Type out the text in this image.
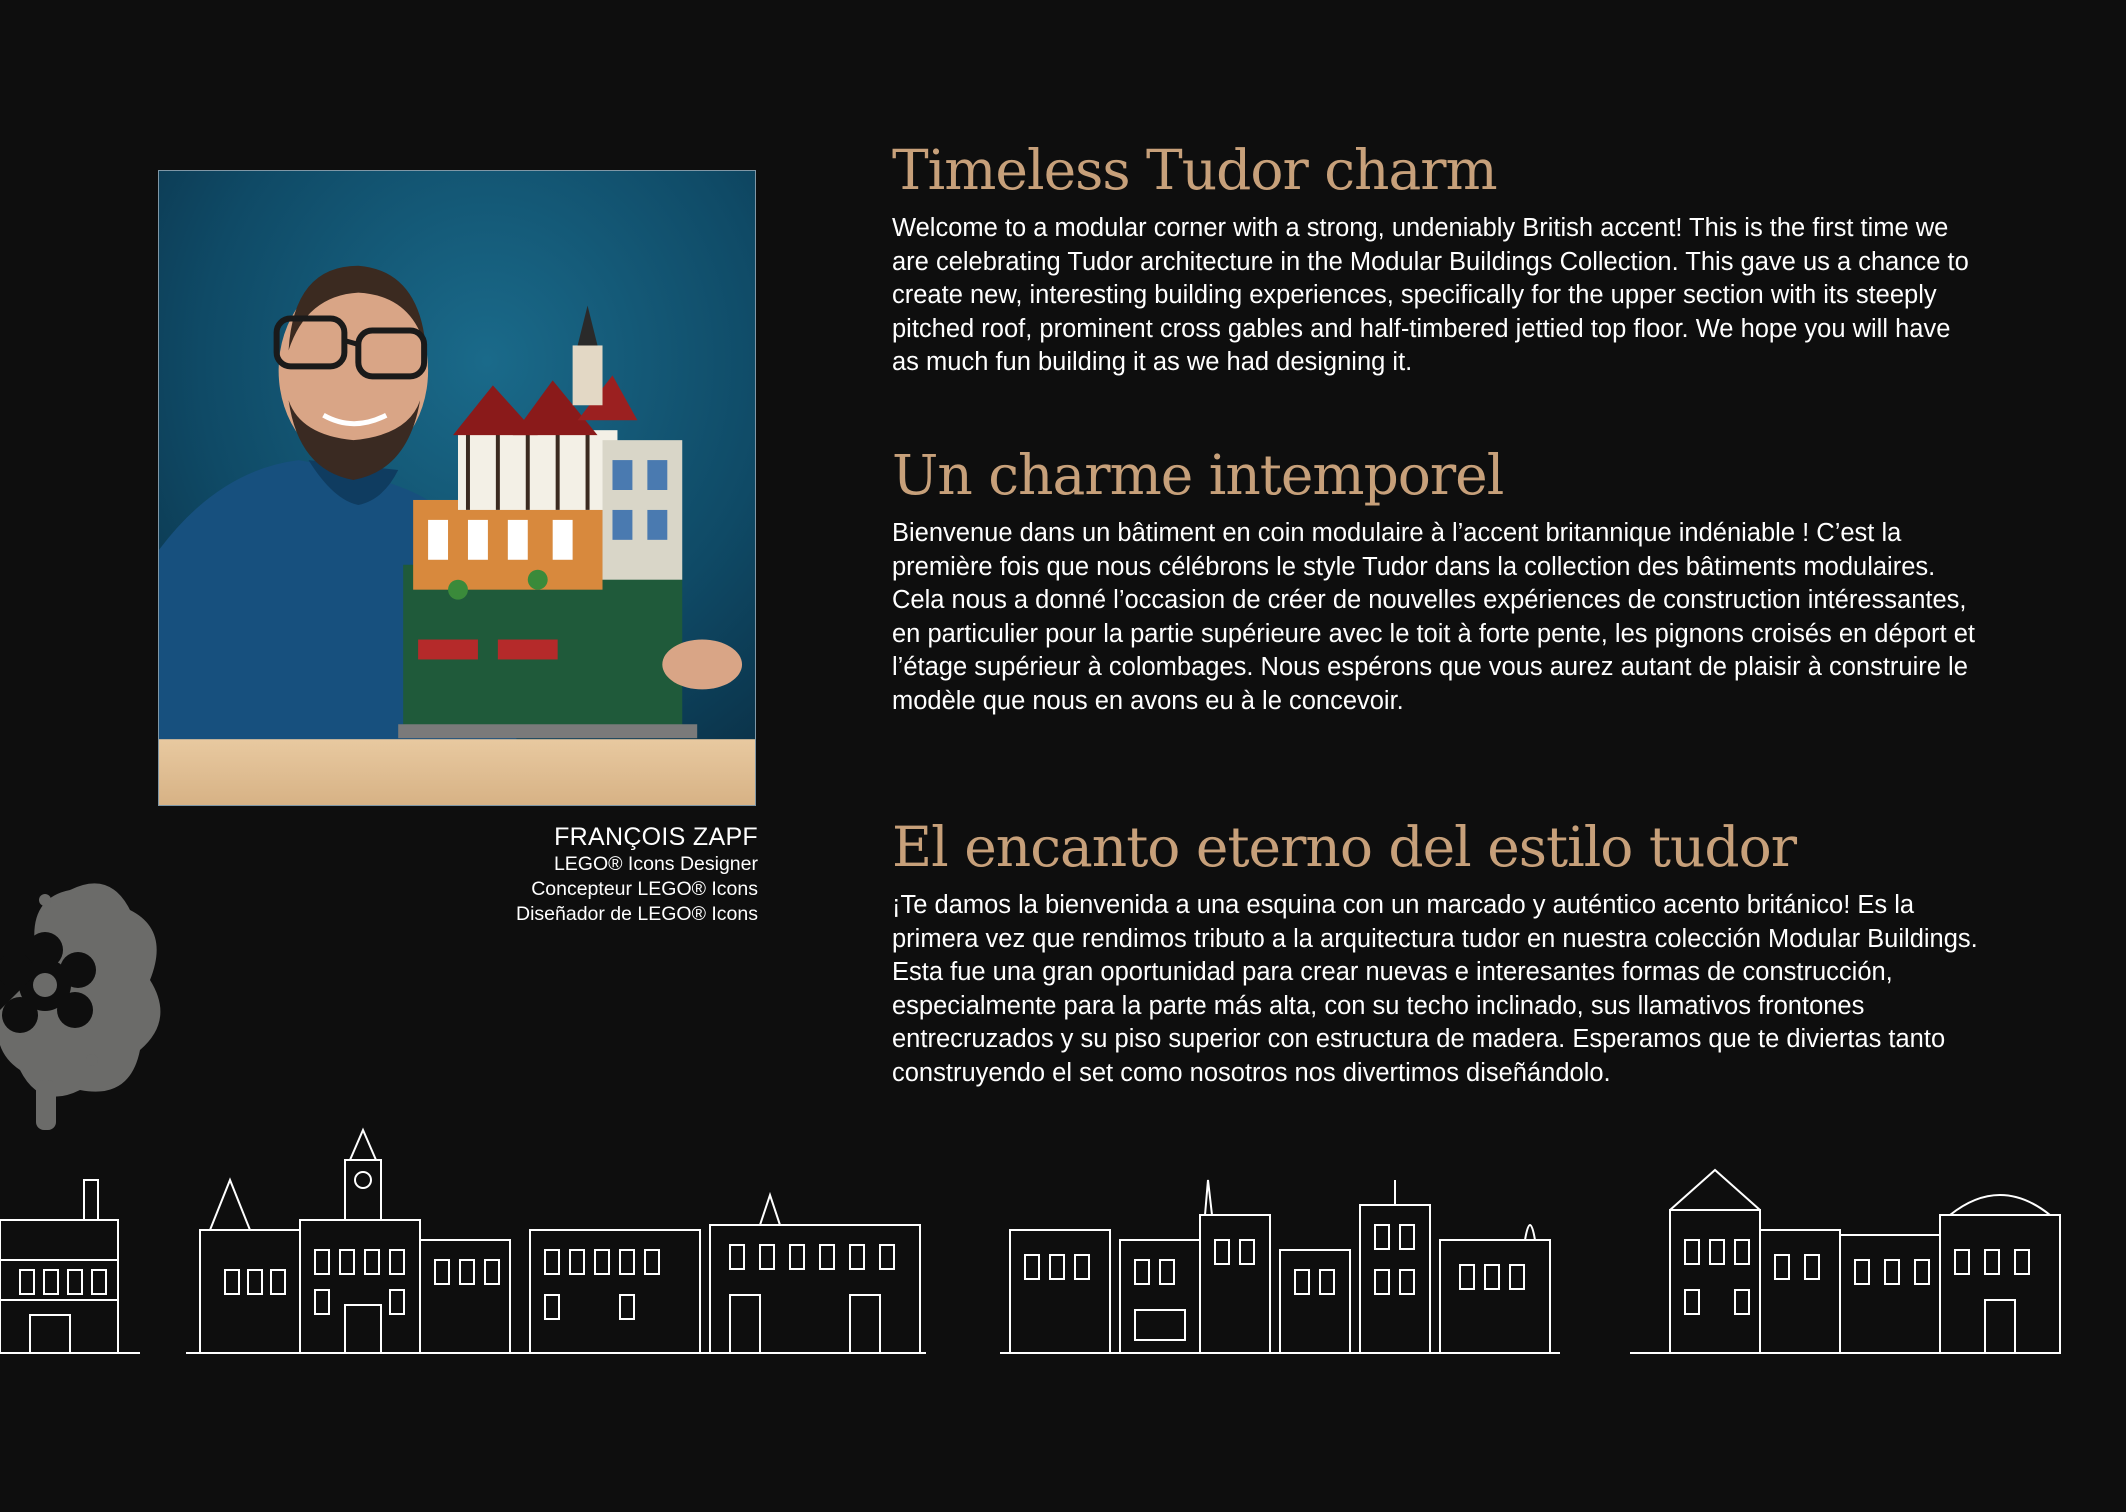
FRANÇOIS ZAPF
LEGO® Icons Designer
Concepteur LEGO® Icons
Diseñador de LEGO® Icons
Timeless Tudor charm

Welcome to a modular corner with a strong, undeniably British accent! This is the first time we are celebrating Tudor architecture in the Modular Buildings Collection. This gave us a chance to create new, interesting building experiences, specifically for the upper section with its steeply pitched roof, prominent cross gables and half-timbered jettied top floor. We hope you will have as much fun building it as we had designing it.

Un charme intemporel

Bienvenue dans un bâtiment en coin modulaire à l’accent britannique indéniable ! C’est la première fois que nous célébrons le style Tudor dans la collection des bâtiments modulaires. Cela nous a donné l’occasion de créer de nouvelles expériences de construction intéressantes, en particulier pour la partie supérieure avec le toit à forte pente, les pignons croisés en déport et l’étage supérieur à colombages. Nous espérons que vous aurez autant de plaisir à construire le modèle que nous en avons eu à le concevoir.

El encanto eterno del estilo tudor

¡Te damos la bienvenida a una esquina con un marcado y auténtico acento británico! Es la primera vez que rendimos tributo a la arquitectura tudor en nuestra colección Modular Buildings. Esta fue una gran oportunidad para crear nuevas e interesantes formas de construcción, especialmente para la parte más alta, con su techo inclinado, sus llamativos frontones entrecruzados y su piso superior con estructura de madera. Esperamos que te diviertas tanto construyendo el set como nosotros nos divertimos diseñándolo.
